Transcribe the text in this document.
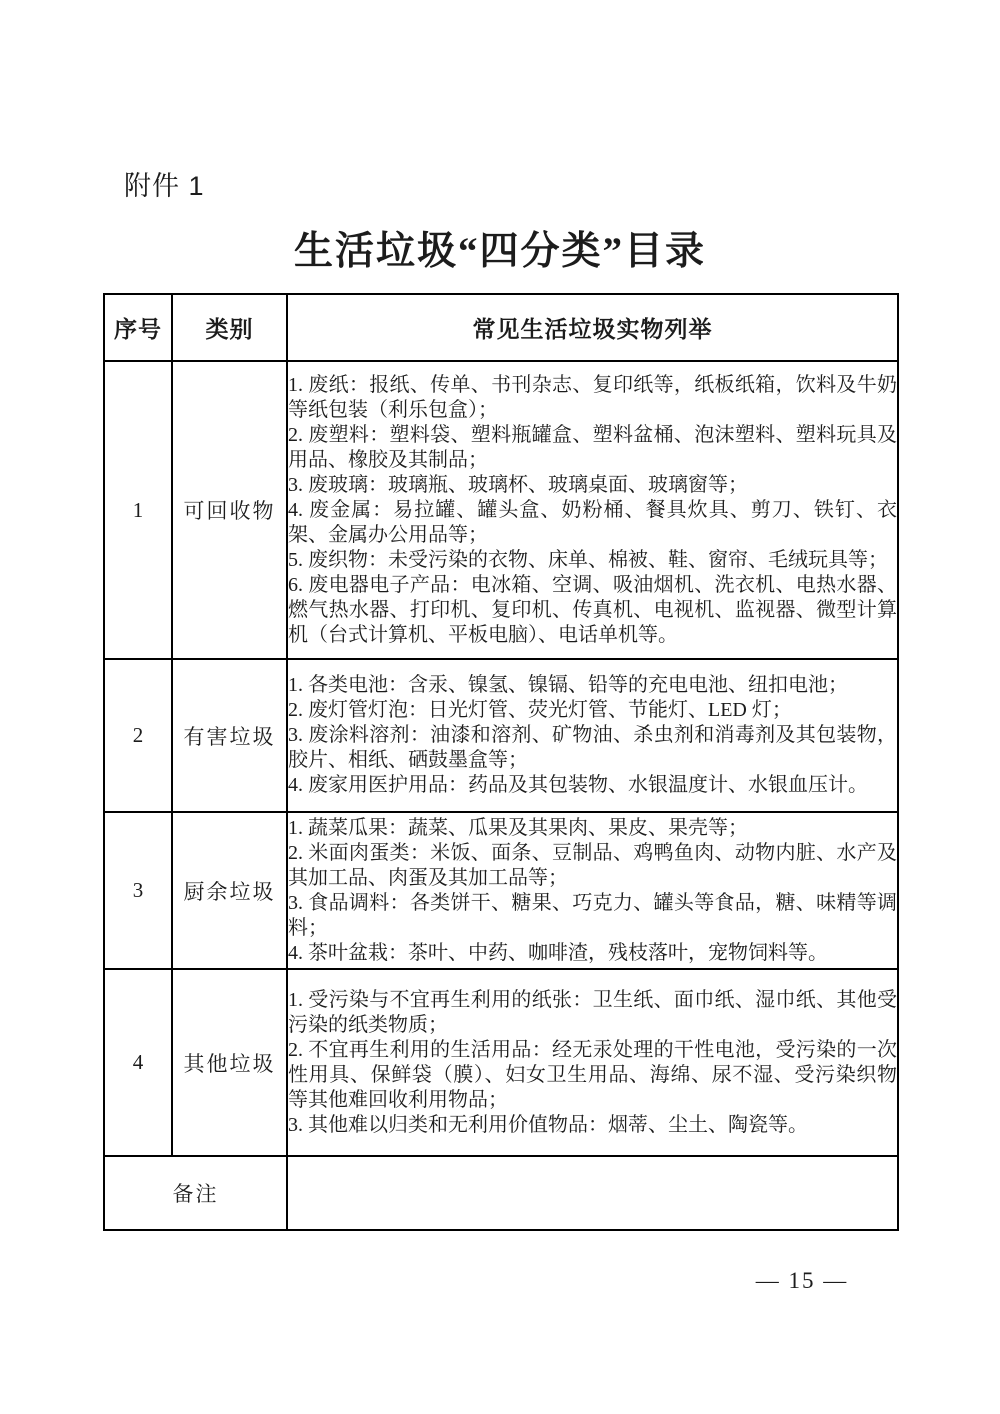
附件 1
生活垃圾“四分类”目录
序号	类别	常见生活垃圾实物列举
1	可回收物	
1. 废纸：报纸、传单、书刊杂志、复印纸等，纸板纸箱，饮料及牛奶等纸包装（利乐包盒）；
2. 废塑料：塑料袋、塑料瓶罐盒、塑料盆桶、泡沫塑料、塑料玩具及用品、橡胶及其制品；
3. 废玻璃：玻璃瓶、玻璃杯、玻璃桌面、玻璃窗等；
4. 废金属：易拉罐、罐头盒、奶粉桶、餐具炊具、剪刀、铁钉、衣架、金属办公用品等；
5. 废织物：未受污染的衣物、床单、棉被、鞋、窗帘、毛绒玩具等；
6. 废电器电子产品：电冰箱、空调、吸油烟机、洗衣机、电热水器、燃气热水器、打印机、复印机、传真机、电视机、监视器、微型计算机（台式计算机、平板电脑）、电话单机等。

2	有害垃圾	1. 各类电池：含汞、镍氢、镍镉、铅等的充电电池、纽扣电池；
2. 废灯管灯泡：日光灯管、荧光灯管、节能灯、LED 灯；
3. 废涂料溶剂：油漆和溶剂、矿物油、杀虫剂和消毒剂及其包装物，胶片、相纸、硒鼓墨盒等；
4. 废家用医护用品：药品及其包装物、水银温度计、水银血压计。

3	厨余垃圾	1. 蔬菜瓜果：蔬菜、瓜果及其果肉、果皮、果壳等；
2. 米面肉蛋类：米饭、面条、豆制品、鸡鸭鱼肉、动物内脏、水产及其加工品、肉蛋及其加工品等；
3. 食品调料：各类饼干、糖果、巧克力、罐头等食品，糖、味精等调料；
4. 茶叶盆栽：茶叶、中药、咖啡渣，残枝落叶，宠物饲料等。

4	其他垃圾	1. 受污染与不宜再生利用的纸张：卫生纸、面巾纸、湿巾纸、其他受污染的纸类物质；
2. 不宜再生利用的生活用品：经无汞处理的干性电池，受污染的一次性用具、保鲜袋（膜）、妇女卫生用品、海绵、尿不湿、受污染织物等其他难回收利用物品；
3. 其他难以归类和无利用价值物品：烟蒂、尘土、陶瓷等。

备注		
— 15 —
